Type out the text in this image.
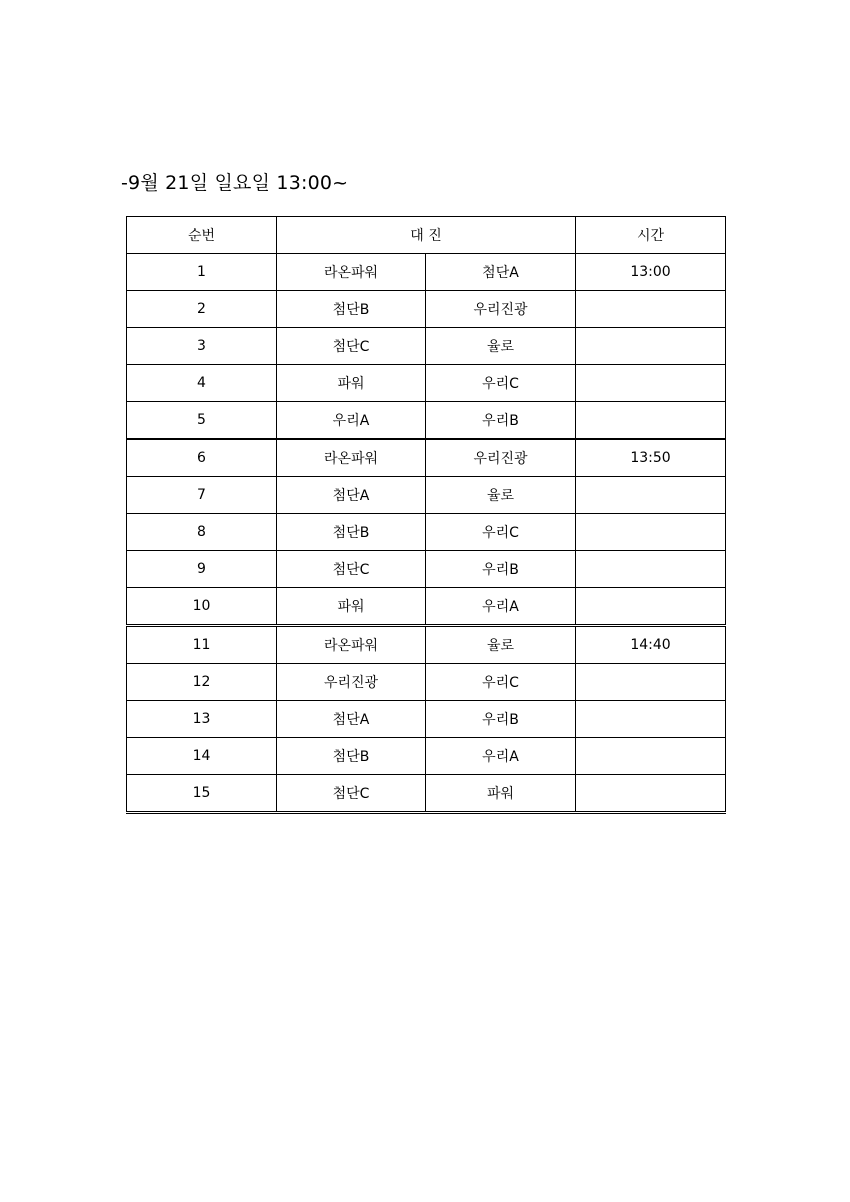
-9월 21일 일요일 13:00~
순번	대 진		시간
1	라온파워	첨단A	13:00
2	첨단B	우리진광	
3	첨단C	율로	
4	파워	우리C	
5	우리A	우리B	
6	라온파워	우리진광	13:50
7	첨단A	율로	
8	첨단B	우리C	
9	첨단C	우리B	
10	파워	우리A	
11	라온파워	율로	14:40
12	우리진광	우리C	
13	첨단A	우리B	
14	첨단B	우리A	
15	첨단C	파워	
